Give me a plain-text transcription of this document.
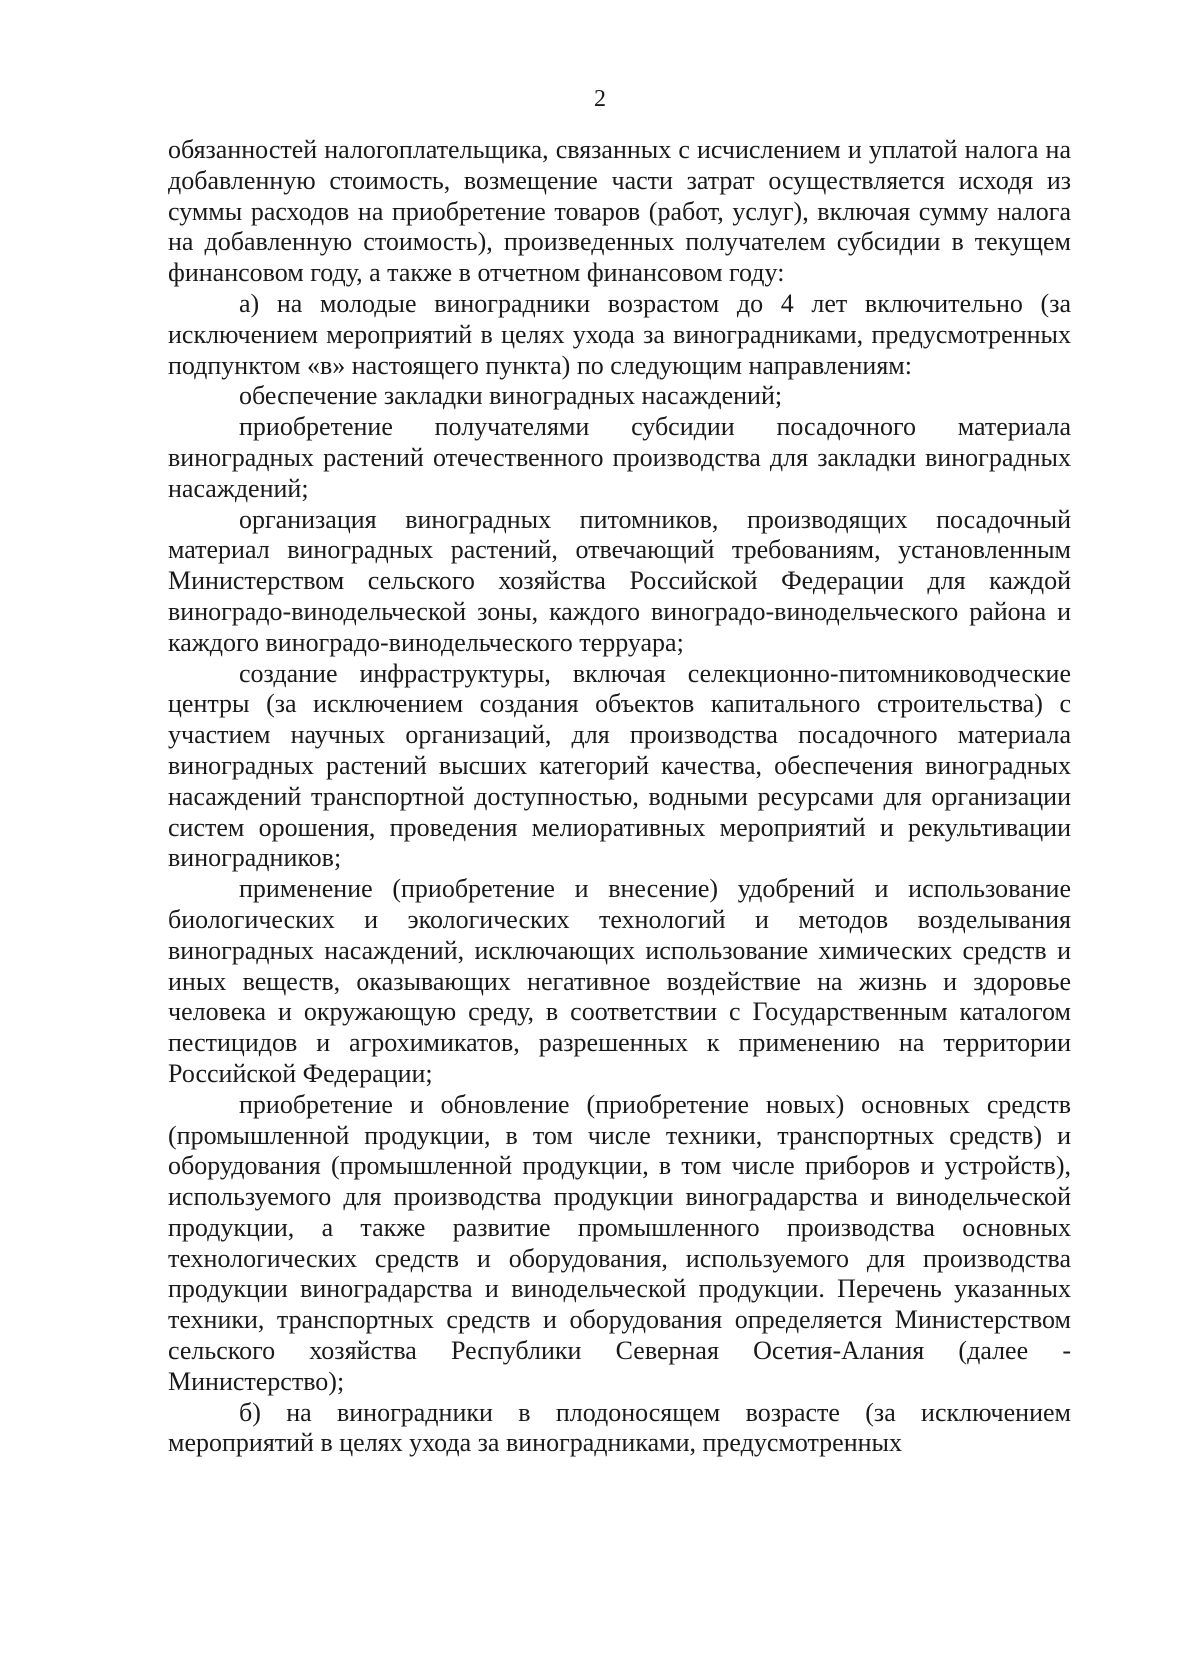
2

обязанностей налогоплательщика, связанных с исчислением и уплатой налога на добавленную стоимость, возмещение части затрат осуществляется исходя из суммы расходов на приобретение товаров (работ, услуг), включая сумму налога на добавленную стоимость), произведенных получателем субсидии в текущем финансовом году, а также в отчетном финансовом году:

а) на молодые виноградники возрастом до 4 лет включительно (за исключением мероприятий в целях ухода за виноградниками, предусмотренных подпунктом «в» настоящего пункта) по следующим направлениям:

обеспечение закладки виноградных насаждений;

приобретение получателями субсидии посадочного материала виноградных растений отечественного производства для закладки виноградных насаждений;

организация виноградных питомников, производящих посадочный материал виноградных растений, отвечающий требованиям, установленным Министерством сельского хозяйства Российской Федерации для каждой виноградо-винодельческой зоны, каждого виноградо-винодельческого района и каждого виноградо-винодельческого терруара;

создание инфраструктуры, включая селекционно-питомниководческие центры (за исключением создания объектов капитального строительства) с участием научных организаций, для производства посадочного материала виноградных растений высших категорий качества, обеспечения виноградных насаждений транспортной доступностью, водными ресурсами для организации систем орошения, проведения мелиоративных мероприятий и рекультивации виноградников;

применение (приобретение и внесение) удобрений и использование биологических и экологических технологий и методов возделывания виноградных насаждений, исключающих использование химических средств и иных веществ, оказывающих негативное воздействие на жизнь и здоровье человека и окружающую среду, в соответствии с Государственным каталогом пестицидов и агрохимикатов, разрешенных к применению на территории Российской Федерации;

приобретение и обновление (приобретение новых) основных средств (промышленной продукции, в том числе техники, транспортных средств) и оборудования (промышленной продукции, в том числе приборов и устройств), используемого для производства продукции виноградарства и винодельческой продукции, а также развитие промышленного производства основных технологических средств и оборудования, используемого для производства продукции виноградарства и винодельческой продукции. Перечень указанных техники, транспортных средств и оборудования определяется Министерством сельского хозяйства Республики Северная Осетия-Алания (далее - Министерство);

б) на виноградники в плодоносящем возрасте (за исключением мероприятий в целях ухода за виноградниками, предусмотренных
